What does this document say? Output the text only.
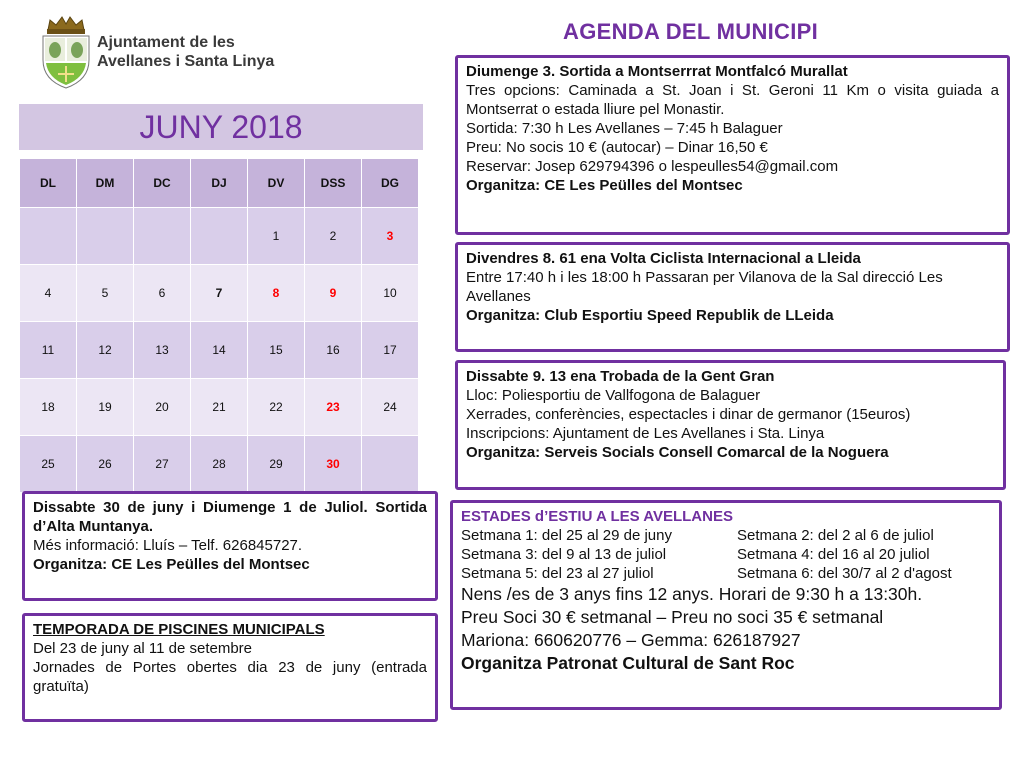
Ajuntament de les
Avellanes i Santa Linya
AGENDA DEL MUNICIPI
JUNY 2018
DL	DM	DC	DJ	DV	DSS	DG
				1	2	3
4	5	6	7	8	9	10
11	12	13	14	15	16	17
18	19	20	21	22	23	24
25	26	27	28	29	30	

Diumenge 3. Sortida a Montserrrat Montfalcó Murallat

Tres opcions: Caminada a St. Joan i St. Geroni 11 Km o visita guiada a Montserrat o estada lliure pel Monastir.

Sortida: 7:30 h Les Avellanes – 7:45 h Balaguer

Preu: No socis 10 € (autocar) – Dinar 16,50 €

Reservar: Josep 629794396 o lespeulles54@gmail.com

Organitza: CE Les Peülles del Montsec

Divendres 8. 61 ena Volta Ciclista Internacional a Lleida

Entre 17:40 h i les 18:00 h Passaran per Vilanova de la Sal direcció Les Avellanes

Organitza: Club Esportiu Speed Republik de LLeida

Dissabte 9. 13 ena Trobada de la Gent Gran

Lloc: Poliesportiu de Vallfogona de Balaguer

Xerrades, conferències, espectacles i dinar de germanor (15euros)

Inscripcions: Ajuntament de Les Avellanes i Sta. Linya

Organitza: Serveis Socials Consell Comarcal de la Noguera

Dissabte 30 de juny i Diumenge 1 de Juliol. Sortida d’Alta Muntanya.

Més informació: Lluís – Telf. 626845727.

Organitza: CE Les Peülles del Montsec

TEMPORADA DE PISCINES MUNICIPALS

Del 23 de juny al 11 de setembre

Jornades de Portes obertes dia 23 de juny (entrada gratuïta)

ESTADES d’ESTIU A LES AVELLANES

Setmana 1: del 25 al 29 de juny	Setmana 2: del 2 al 6 de juliol

Setmana 3: del 9 al 13 de juliol	Setmana 4: del 16 al 20 juliol

Setmana 5: del 23 al 27 juliol	Setmana 6: del 30/7 al 2 d'agost

Nens /es de 3 anys fins 12 anys. Horari de 9:30 h a 13:30h.

Preu Soci 30 € setmanal – Preu no soci 35 € setmanal

Mariona: 660620776 – Gemma: 626187927

Organitza Patronat Cultural de Sant Roc
